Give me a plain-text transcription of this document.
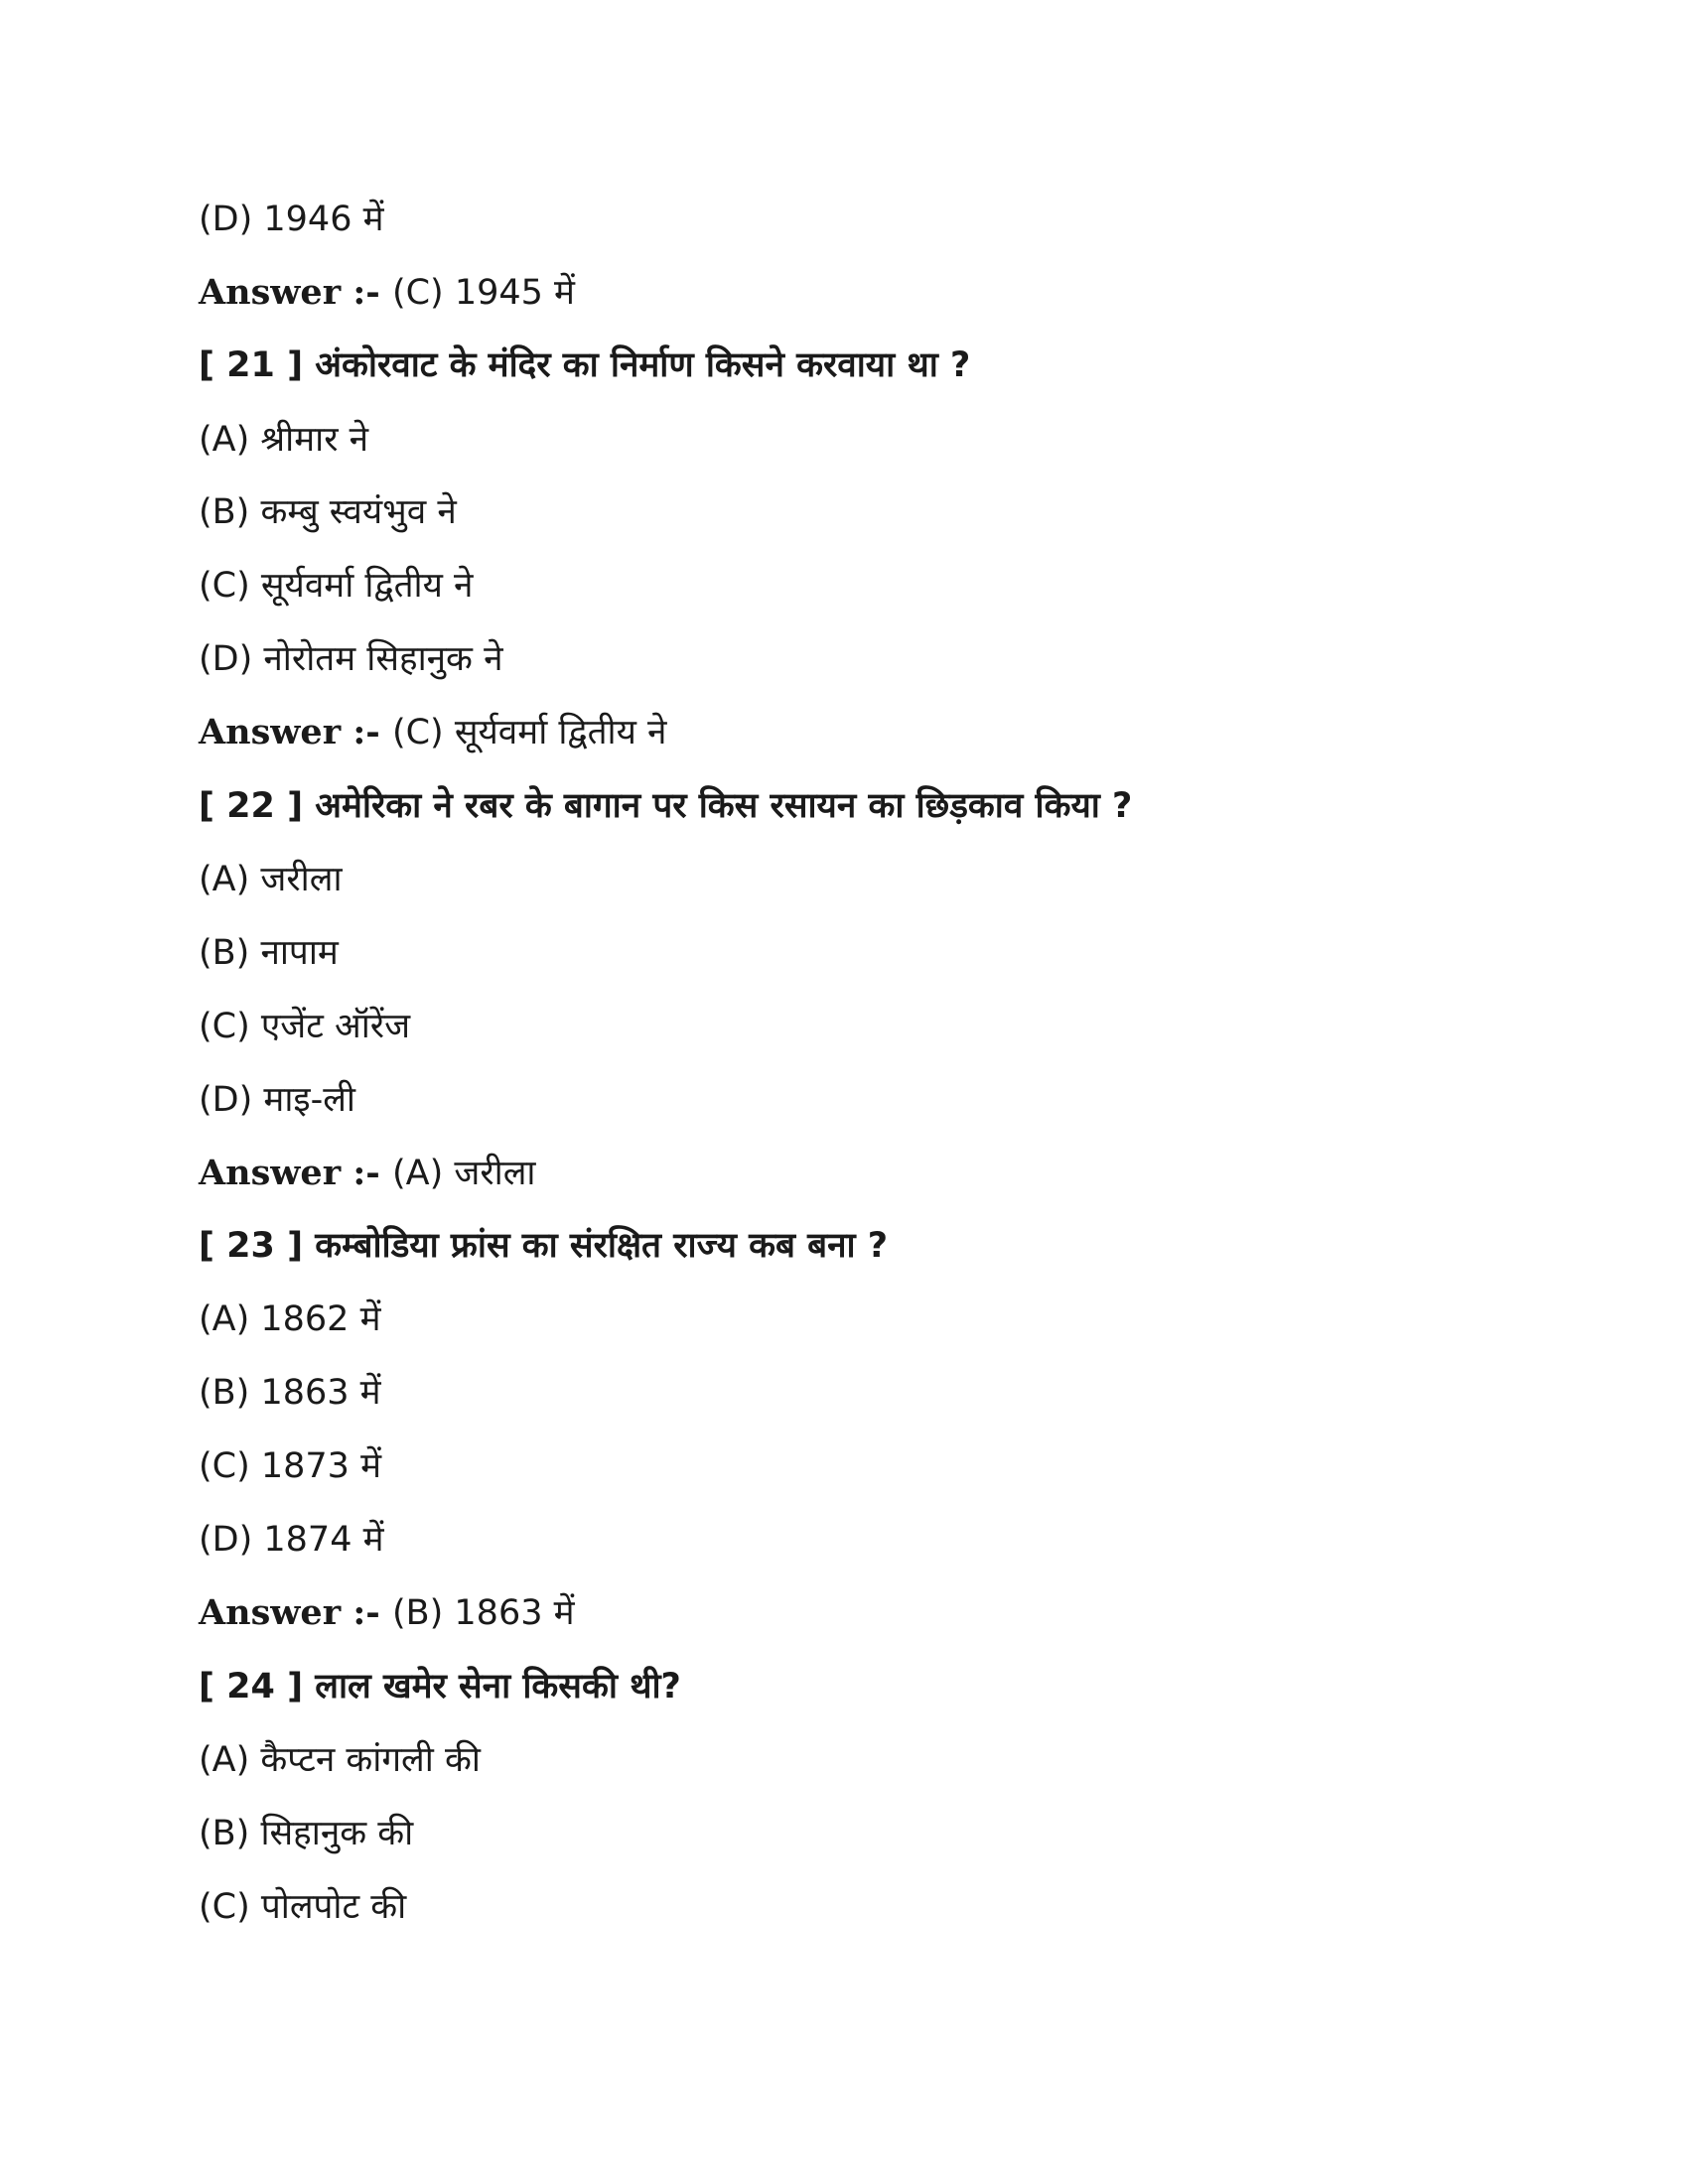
(D) 1946 में
Answer :- (C) 1945 में
[ 21 ] अंकोरवाट के मंदिर का निर्माण किसने करवाया था ?
(A) श्रीमार ने
(B) कम्बु स्वयंभुव ने
(C) सूर्यवर्मा द्वितीय ने
(D) नोरोतम सिहानुक ने
Answer :- (C) सूर्यवर्मा द्वितीय ने
[ 22 ] अमेरिका ने रबर के बागान पर किस रसायन का छिड़काव किया ?
(A) जरीला
(B) नापाम
(C) एजेंट ऑरेंज
(D) माइ-ली
Answer :- (A) जरीला
[ 23 ] कम्बोडिया फ्रांस का संरक्षित राज्य कब बना ?
(A) 1862 में
(B) 1863 में
(C) 1873 में
(D) 1874 में
Answer :- (B) 1863 में
[ 24 ] लाल खमेर सेना किसकी थी?
(A) कैप्टन कांगली की
(B) सिहानुक की
(C) पोलपोट की
